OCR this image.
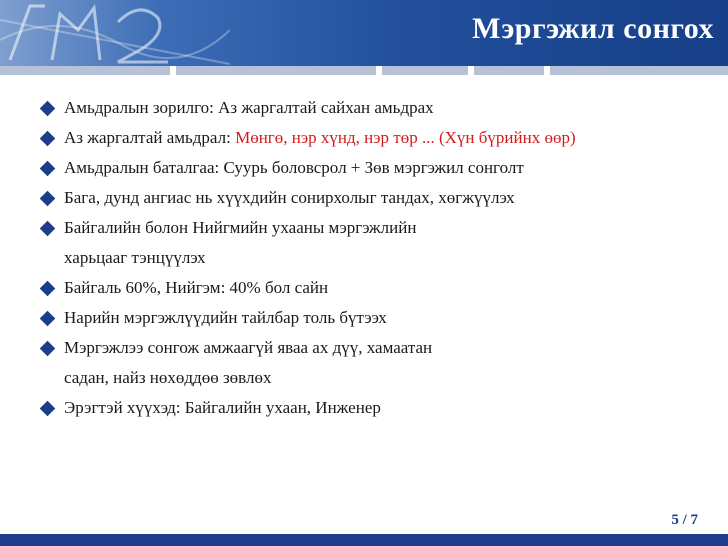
Мэргэжил сонгох
Амьдралын зорилго: Аз жаргалтай сайхан амьдрах
Аз жаргалтай амьдрал: Мөнгө, нэр хүнд, нэр төр ... (Хүн бүрийнх өөр)
Амьдралын баталгаа: Суурь боловсрол + Зөв мэргэжил сонголт
Бага, дунд ангиас нь хүүхдийн сонирхолыг тандах, хөгжүүлэх
Байгалийн болон Нийгмийн ухааны мэргэжлийн
харьцааг тэнцүүлэх
Байгаль 60%, Нийгэм: 40% бол сайн
Нарийн мэргэжлүүдийн тайлбар толь бүтээх
Мэргэжлээ сонгож амжаагүй яваа ах дүү, хамаатан
садан, найз нөхөддөө зөвлөх
Эрэгтэй хүүхэд: Байгалийн ухаан, Инженер
5 / 7
